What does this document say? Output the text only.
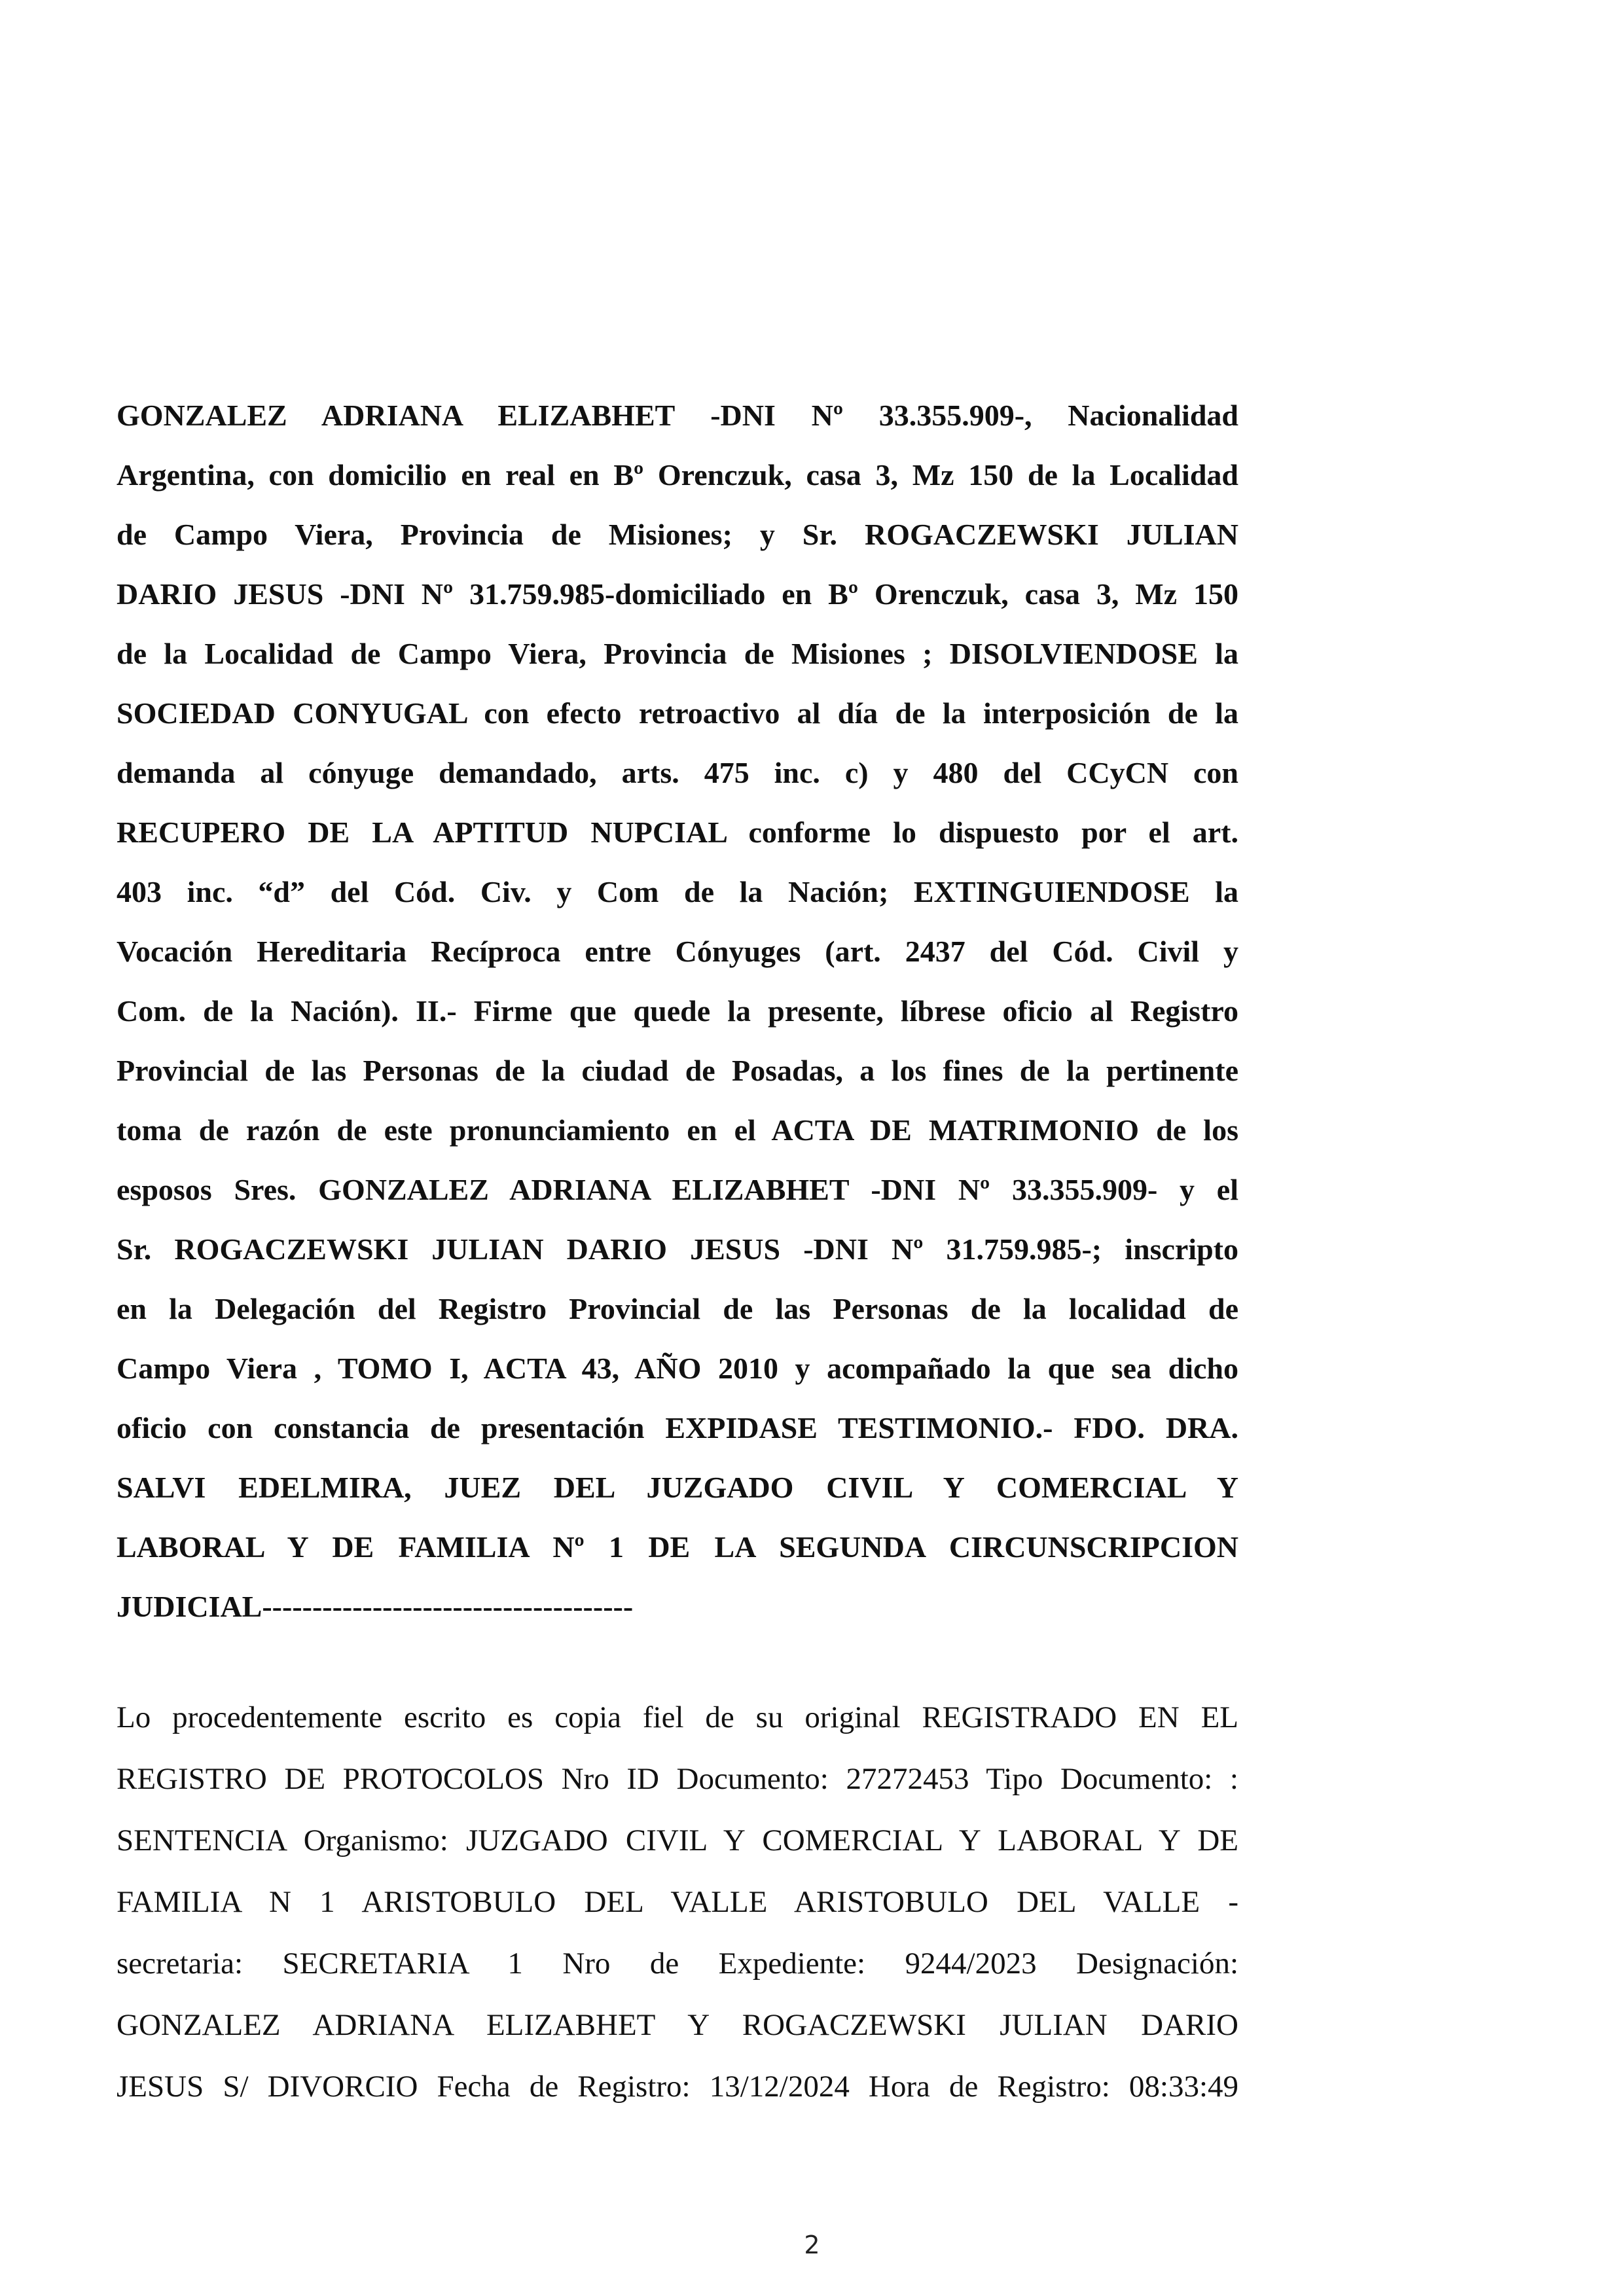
GONZALEZ ADRIANA ELIZABHET -DNI Nº 33.355.909-, Nacionalidad
Argentina, con domicilio en real en Bº Orenczuk, casa 3, Mz 150 de la Localidad
de Campo Viera, Provincia de Misiones; y Sr. ROGACZEWSKI JULIAN
DARIO JESUS -DNI Nº 31.759.985-domiciliado en Bº Orenczuk, casa 3, Mz 150
de la Localidad de Campo Viera, Provincia de Misiones ; DISOLVIENDOSE la
SOCIEDAD CONYUGAL con efecto retroactivo al día de la interposición de la
demanda al cónyuge demandado, arts. 475 inc. c) y 480 del CCyCN con
RECUPERO DE LA APTITUD NUPCIAL conforme lo dispuesto por el art.
403 inc. “d” del Cód. Civ. y Com de la Nación; EXTINGUIENDOSE la
Vocación Hereditaria Recíproca entre Cónyuges (art. 2437 del Cód. Civil y
Com. de la Nación). II.- Firme que quede la presente, líbrese oficio al Registro
Provincial de las Personas de la ciudad de Posadas, a los fines de la pertinente
toma de razón de este pronunciamiento en el ACTA DE MATRIMONIO de los
esposos Sres. GONZALEZ ADRIANA ELIZABHET -DNI Nº 33.355.909- y el
Sr. ROGACZEWSKI JULIAN DARIO JESUS -DNI Nº 31.759.985-; inscripto
en la Delegación del Registro Provincial de las Personas de la localidad de
Campo Viera , TOMO I, ACTA 43, AÑO 2010 y acompañado la que sea dicho
oficio con constancia de presentación EXPIDASE TESTIMONIO.- FDO. DRA.
SALVI EDELMIRA, JUEZ DEL JUZGADO CIVIL Y COMERCIAL Y
LABORAL Y DE FAMILIA Nº 1 DE LA SEGUNDA CIRCUNSCRIPCION
JUDICIAL-------------------------------------
Lo procedentemente escrito es copia fiel de su original REGISTRADO EN EL
REGISTRO DE PROTOCOLOS Nro ID Documento: 27272453 Tipo Documento: :
SENTENCIA Organismo: JUZGADO CIVIL Y COMERCIAL Y LABORAL Y DE
FAMILIA N 1 ARISTOBULO DEL VALLE ARISTOBULO DEL VALLE -
secretaria: SECRETARIA 1 Nro de Expediente: 9244/2023 Designación:
GONZALEZ ADRIANA ELIZABHET Y ROGACZEWSKI JULIAN DARIO
JESUS S/ DIVORCIO Fecha de Registro: 13/12/2024 Hora de Registro: 08:33:49
2
